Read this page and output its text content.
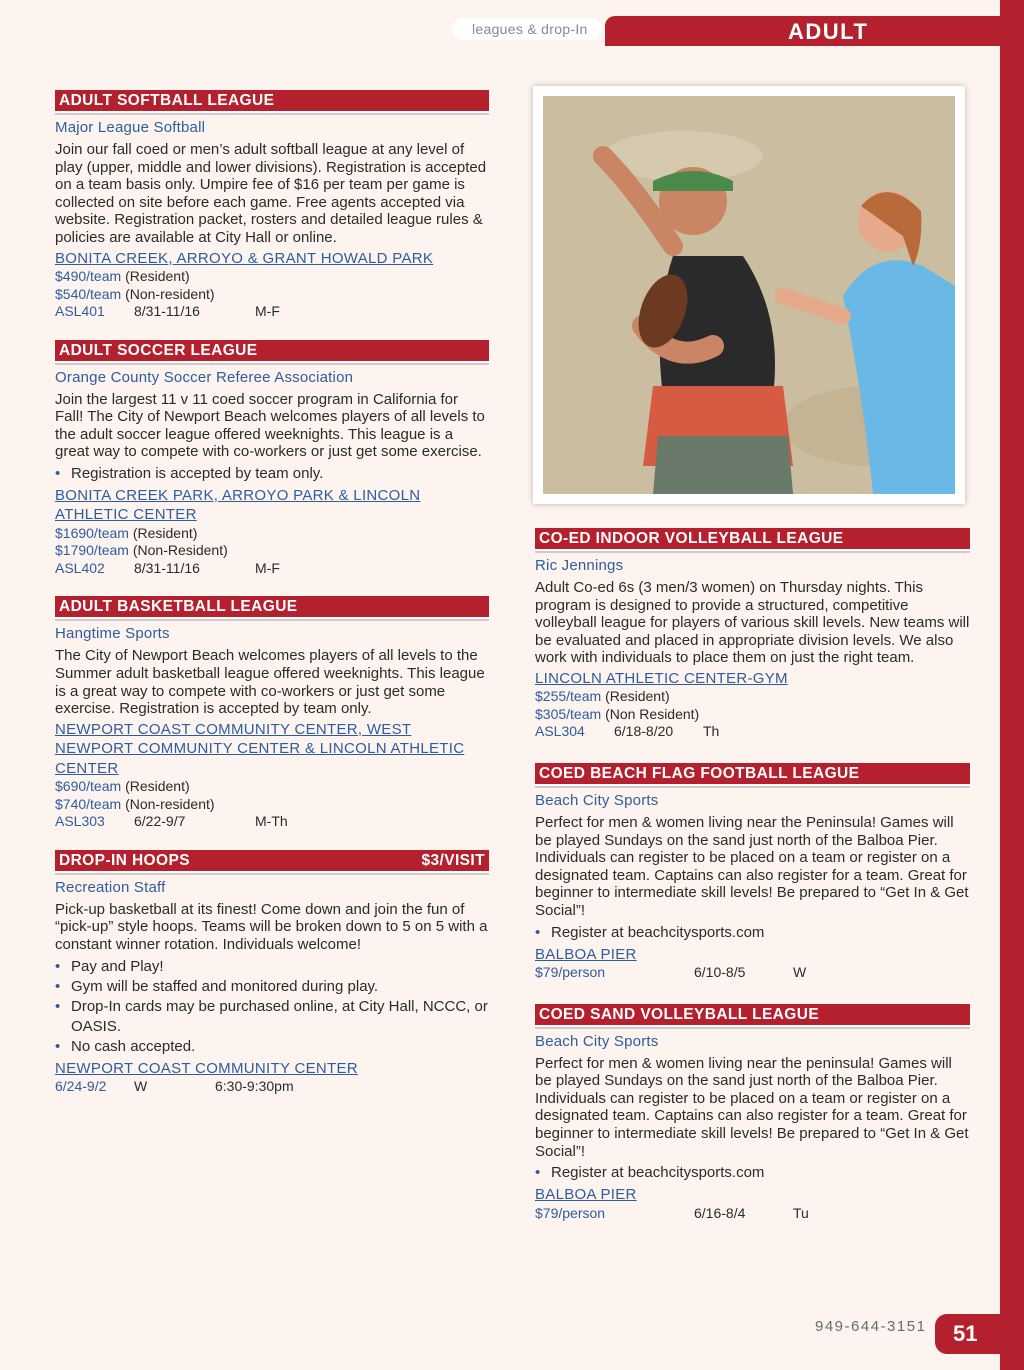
leagues & drop-In	ADULT
ADULT SOFTBALL LEAGUE
Major League Softball
Join our fall coed or men’s adult softball league at any level of play (upper, middle and lower divisions). Registration is accepted on a team basis only. Umpire fee of $16 per team per game is collected on site before each game. Free agents accepted via website. Registration packet, rosters and detailed league rules & policies are available at City Hall or online.
BONITA CREEK, ARROYO & GRANT HOWALD PARK
$490/team (Resident)
$540/team (Non-resident)
ASL401	8/31-11/16	M-F
ADULT SOCCER LEAGUE
Orange County Soccer Referee Association
Join the largest 11 v 11 coed soccer program in California for Fall! The City of Newport Beach welcomes players of all levels to the adult soccer league offered weeknights. This league is a great way to compete with co-workers or just get some exercise.
• Registration is accepted by team only.
BONITA CREEK PARK, ARROYO PARK & LINCOLN ATHLETIC CENTER
$1690/team (Resident)
$1790/team (Non-Resident)
ASL402	8/31-11/16	M-F
ADULT BASKETBALL LEAGUE
Hangtime Sports
The City of Newport Beach welcomes players of all levels to the Summer adult basketball league offered weeknights. This league is a great way to compete with co-workers or just get some exercise. Registration is accepted by team only.
NEWPORT COAST COMMUNITY CENTER, WEST NEWPORT COMMUNITY CENTER & LINCOLN ATHLETIC CENTER
$690/team (Resident)
$740/team (Non-resident)
ASL303	6/22-9/7	M-Th
DROP-IN HOOPS	$3/VISIT
Recreation Staff
Pick-up basketball at its finest! Come down and join the fun of “pick-up” style hoops. Teams will be broken down to 5 on 5 with a constant winner rotation. Individuals welcome!
• Pay and Play!
• Gym will be staffed and monitored during play.
• Drop-In cards may be purchased online, at City Hall, NCCC, or OASIS.
• No cash accepted.
NEWPORT COAST COMMUNITY CENTER
6/24-9/2	W	6:30-9:30pm
CO-ED INDOOR VOLLEYBALL LEAGUE
Ric Jennings
Adult Co-ed 6s (3 men/3 women) on Thursday nights. This program is designed to provide a structured, competitive volleyball league for players of various skill levels. New teams will be evaluated and placed in appropriate division levels. We also work with individuals to place them on just the right team.
LINCOLN ATHLETIC CENTER-GYM
$255/team (Resident)
$305/team (Non Resident)
ASL304	6/18-8/20	Th
COED BEACH FLAG FOOTBALL LEAGUE
Beach City Sports
Perfect for men & women living near the Peninsula! Games will be played Sundays on the sand just north of the Balboa Pier. Individuals can register to be placed on a team or register on a designated team. Captains can also register for a team. Great for beginner to intermediate skill levels! Be prepared to “Get In & Get Social”!
• Register at beachcitysports.com
BALBOA PIER
$79/person	6/10-8/5	W
COED SAND VOLLEYBALL LEAGUE
Beach City Sports
Perfect for men & women living near the peninsula! Games will be played Sundays on the sand just north of the Balboa Pier. Individuals can register to be placed on a team or register on a designated team. Captains can also register for a team. Great for beginner to intermediate skill levels! Be prepared to “Get In & Get Social”!
• Register at beachcitysports.com
BALBOA PIER
$79/person	6/16-8/4	Tu
949-644-3151	51
